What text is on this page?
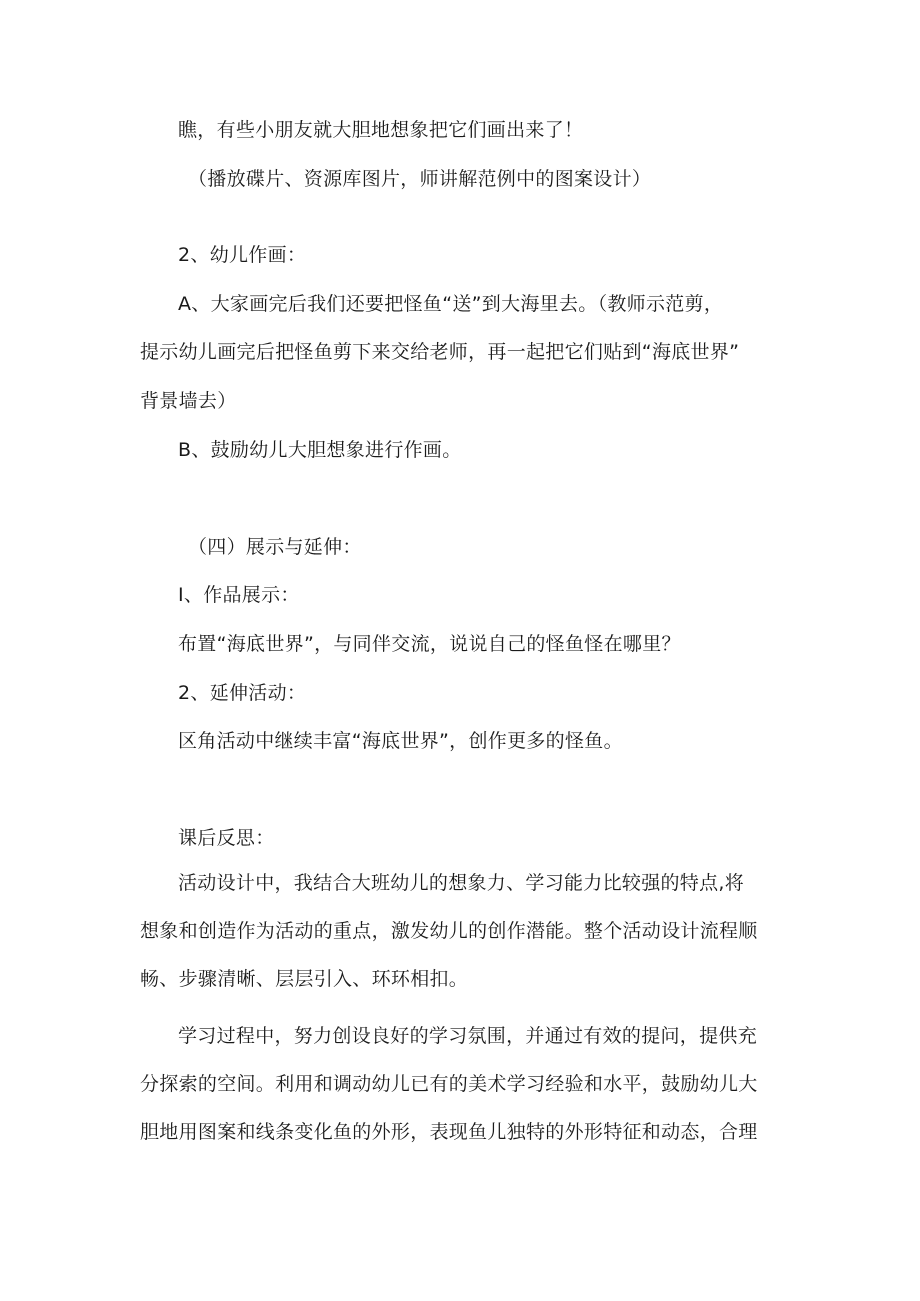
瞧，有些小朋友就大胆地想象把它们画出来了！
（播放碟片、资源库图片，师讲解范例中的图案设计）
2、幼儿作画：
A、大家画完后我们还要把怪鱼“送”到大海里去。（教师示范剪，
提示幼儿画完后把怪鱼剪下来交给老师，再一起把它们贴到“海底世界”
背景墙去）
B、鼓励幼儿大胆想象进行作画。
（四）展示与延伸：
I、作品展示：
布置“海底世界”，与同伴交流，说说自己的怪鱼怪在哪里？
2、延伸活动：
区角活动中继续丰富“海底世界”，创作更多的怪鱼。
课后反思：
活动设计中，我结合大班幼儿的想象力、学习能力比较强的特点,将
想象和创造作为活动的重点，激发幼儿的创作潜能。整个活动设计流程顺
畅、步骤清晰、层层引入、环环相扣。
学习过程中，努力创设良好的学习氛围，并通过有效的提问，提供充
分探索的空间。利用和调动幼儿已有的美术学习经验和水平，鼓励幼儿大
胆地用图案和线条变化鱼的外形，表现鱼儿独特的外形特征和动态，合理
